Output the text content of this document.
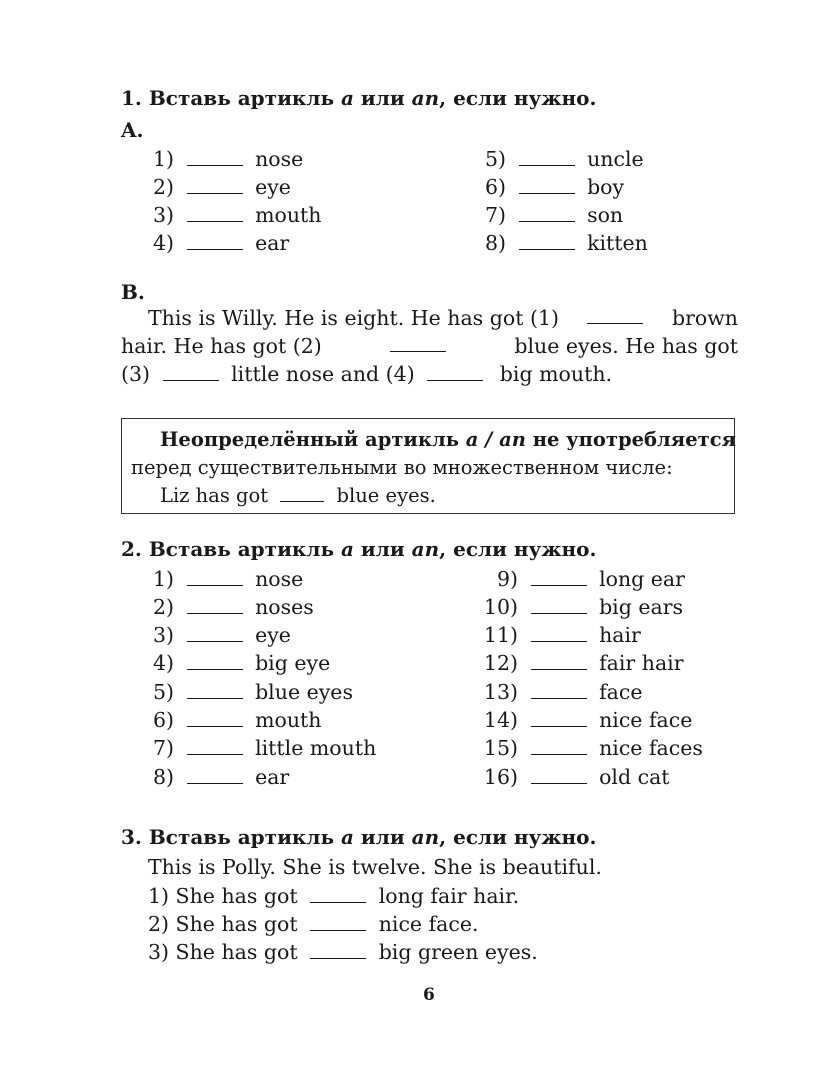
1. Вставь артикль a или an, если нужно.
A.
1)	nose
2)	eye
3)	mouth
4)	ear
5)	uncle
6)	boy
7)	son
8)	kitten
B.
This is Willy. He is eight. He has got (1)	brown
hair. He has got (2)	blue eyes. He has got
(3)	little nose and (4)	big mouth.
Неопределённый артикль a / an не употребляется
перед существительными во множественном числе:
Liz has got	blue eyes.
2. Вставь артикль a или an, если нужно.
1)	nose
2)	noses
3)	eye
4)	big eye
5)	blue eyes
6)	mouth
7)	little mouth
8)	ear
9)	long ear
10)	big ears
11)	hair
12)	fair hair
13)	face
14)	nice face
15)	nice faces
16)	old cat
3. Вставь артикль a или an, если нужно.
This is Polly. She is twelve. She is beautiful.
1) She has got	long fair hair.
2) She has got	nice face.
3) She has got	big green eyes.
6
